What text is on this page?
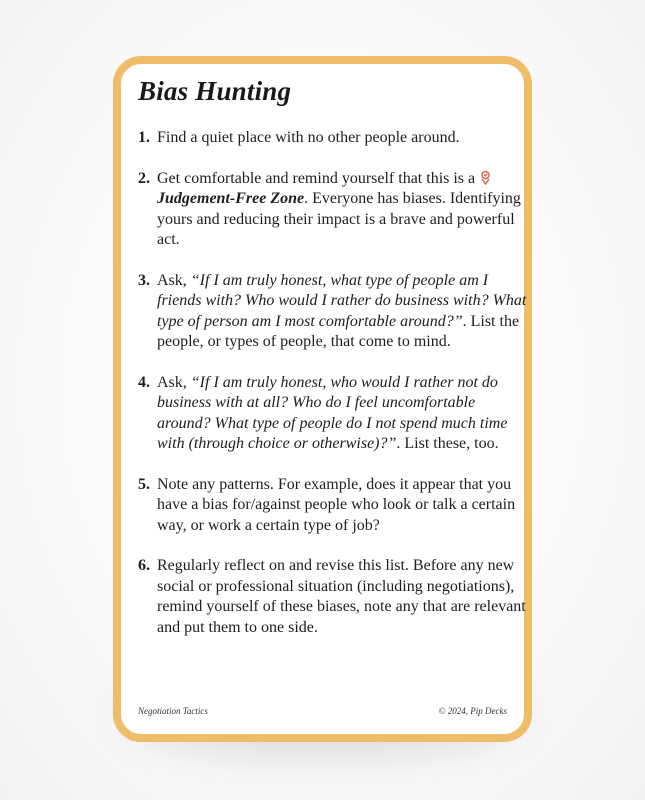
Bias Hunting
1. Find a quiet place with no other people around.
2. Get comfortable and remind yourself that this is a Judgement-Free Zone. Everyone has biases. Identifying yours and reducing their impact is a brave and powerful act.
3. Ask, “If I am truly honest, what type of people am I friends with? Who would I rather do business with? What type of person am I most comfortable around?”. List the people, or types of people, that come to mind.
4. Ask, “If I am truly honest, who would I rather not do business with at all? Who do I feel uncomfortable around? What type of people do I not spend much time with (through choice or otherwise)?”. List these, too.
5. Note any patterns. For example, does it appear that you have a bias for/against people who look or talk a certain way, or work a certain type of job?
6. Regularly reflect on and revise this list. Before any new social or professional situation (including negotiations), remind yourself of these biases, note any that are relevant and put them to one side.
Negotiation Tactics	© 2024, Pip Decks
